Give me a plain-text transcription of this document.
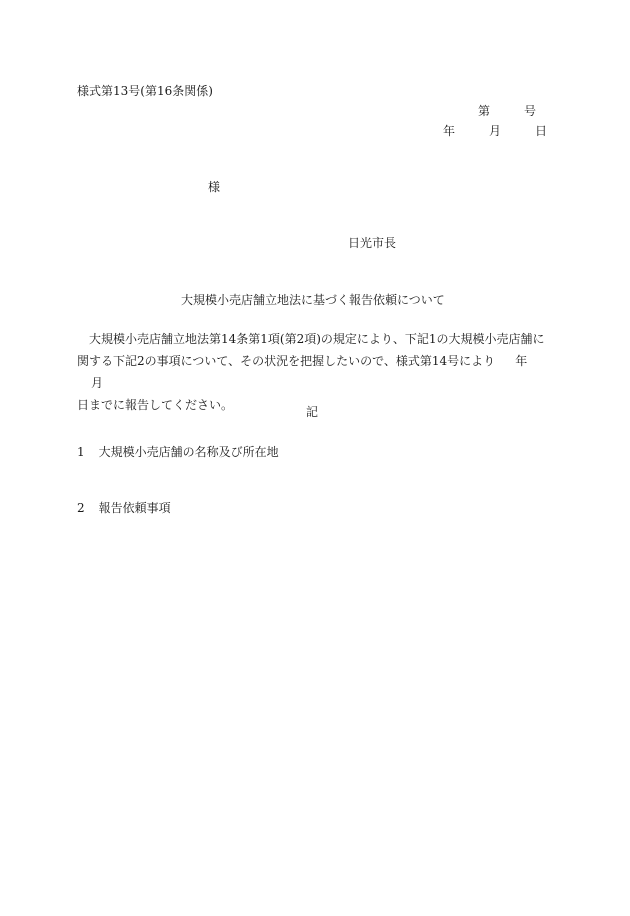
様式第13号(第16条関係)
第	号
年	月	日
様
日光市長
大規模小売店舗立地法に基づく報告依頼について

大規模小売店舗立地法第14条第1項(第2項)の規定により、下記1の大規模小売店舗に関する下記2の事項について、その状況を把握したいので、様式第14号により 年月
日までに報告してください。	記
1 大規模小売店舗の名称及び所在地
2 報告依頼事項
